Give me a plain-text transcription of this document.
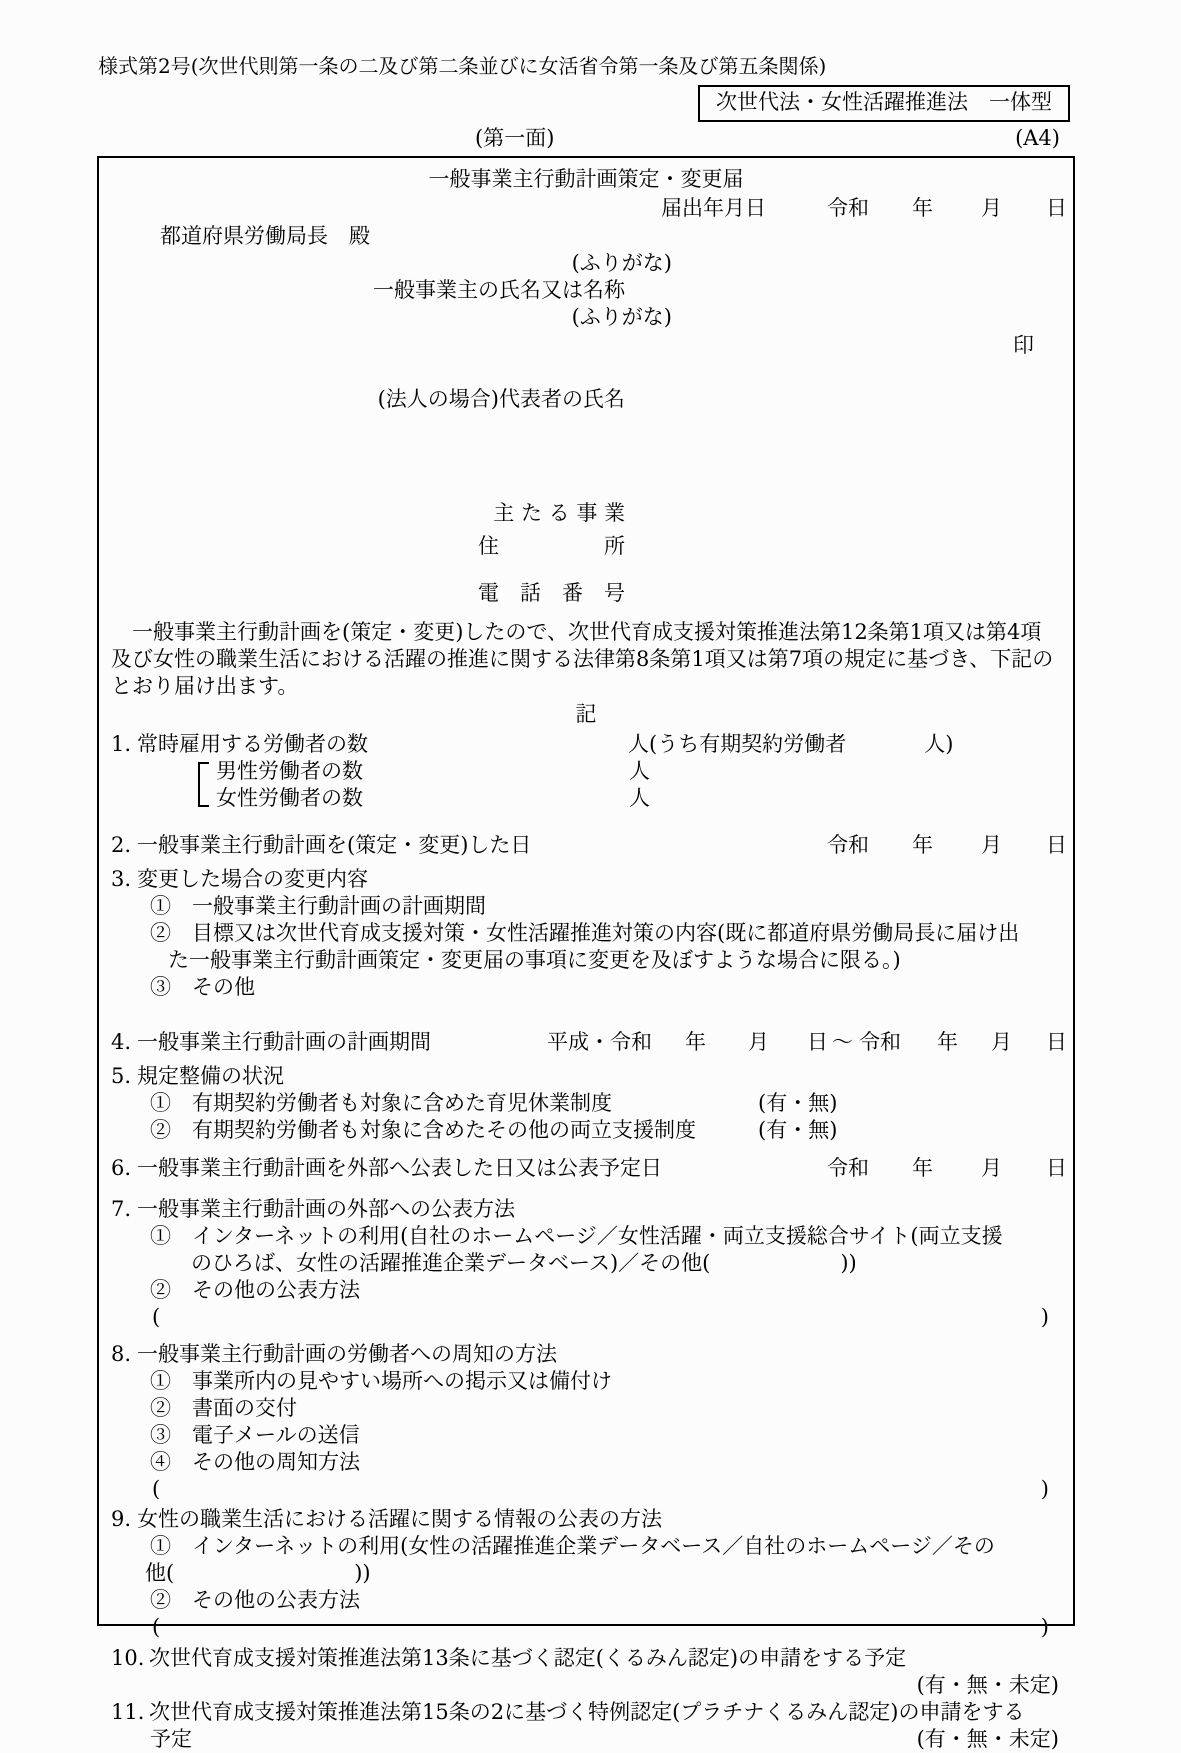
様式第2号(次世代則第一条の二及び第二条並びに女活省令第一条及び第五条関係)
次世代法・女性活躍推進法　一体型
(第一面)	(A4)
一般事業主行動計画策定・変更届
届出年月日	令和 年 月 日
都道府県労働局長　殿
(ふりがな)
一般事業主の氏名又は名称
(ふりがな)

(法人の場合)代表者の氏名

印

主 た る 事 業
住　　　　　所
電　話　番　号
一般事業主行動計画を(策定・変更)したので、次世代育成支援対策推進法第12条第1項又は第4項及び女性の職業生活における活躍の推進に関する法律第8条第1項又は第7項の規定に基づき、下記のとおり届け出ます。
記
1. 常時雇用する労働者の数	人(うち有期契約労働者	人)
男性労働者の数	人
女性労働者の数	人
2. 一般事業主行動計画を(策定・変更)した日	令和 年 月 日
3. 変更した場合の変更内容
①　一般事業主行動計画の計画期間
②　目標又は次世代育成支援対策・女性活躍推進対策の内容(既に都道府県労働局長に届け出
た一般事業主行動計画策定・変更届の事項に変更を及ぼすような場合に限る。)
③　その他
4. 一般事業主行動計画の計画期間	平成・令和 年 月 日 〜 令和 年 月 日
5. 規定整備の状況
①　有期契約労働者も対象に含めた育児休業制度	(有・無)
②　有期契約労働者も対象に含めたその他の両立支援制度	(有・無)
6. 一般事業主行動計画を外部へ公表した日又は公表予定日	令和 年 月 日
7. 一般事業主行動計画の外部への公表方法
①　インターネットの利用(自社のホームページ／女性活躍・両立支援総合サイト(両立支援
のひろば、女性の活躍推進企業データベース)／その他(	))
②　その他の公表方法
(	)
8. 一般事業主行動計画の労働者への周知の方法
①　事業所内の見やすい場所への掲示又は備付け
②　書面の交付
③　電子メールの送信
④　その他の周知方法
(	)
9. 女性の職業生活における活躍に関する情報の公表の方法
①　インターネットの利用(女性の活躍推進企業データベース／自社のホームページ／その
他(	))
②　その他の公表方法
(	)
10. 次世代育成支援対策推進法第13条に基づく認定(くるみん認定)の申請をする予定
(有・無・未定)
11. 次世代育成支援対策推進法第15条の2に基づく特例認定(プラチナくるみん認定)の申請をする
予定	(有・無・未定)
